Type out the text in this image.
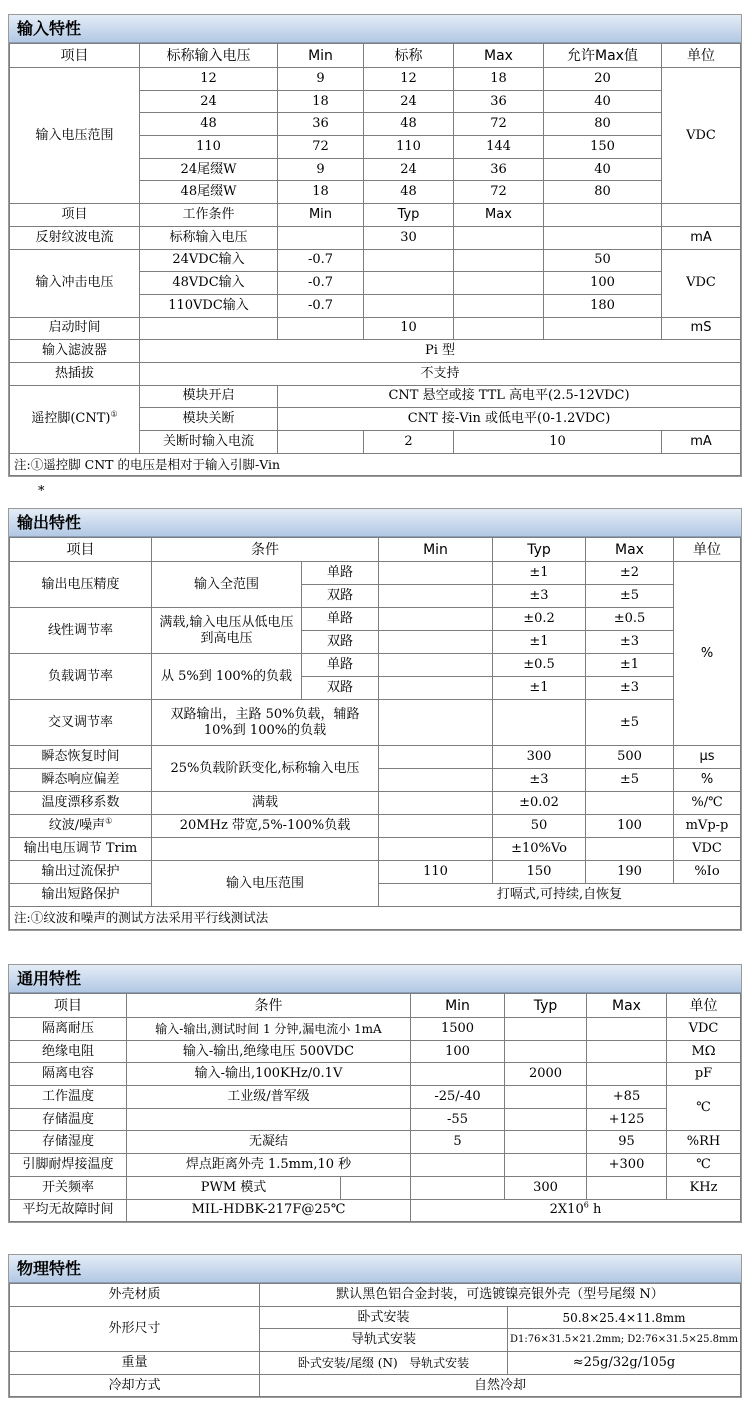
输入特性
项目	标称输入电压	Min	标称	Max	允许Max值	单位
输入电压范围	12	9	12	18	20	VDC
	24	18	24	36	40	
	48	36	48	72	80	
	110	72	110	144	150	
	24尾缀W	9	24	36	40	
	48尾缀W	18	48	72	80	
项目	工作条件	Min	Typ	Max		
反射纹波电流	标称输入电压		30			mA
输入冲击电压	24VDC输入	-0.7			50	VDC
	48VDC输入	-0.7			100	
	110VDC输入	-0.7			180	
启动时间			10			mS
输入滤波器	Pi 型					
热插拔	不支持					
遥控脚(CNT)①	模块开启	CNT 悬空或接 TTL 高电平(2.5-12VDC)				
	模块关断	CNT 接-Vin 或低电平(0-1.2VDC)				
	关断时输入电流		2	10		mA
注:①遥控脚 CNT 的电压是相对于输入引脚-Vin						
*
输出特性
项目	条件		Min	Typ	Max	单位
输出电压精度	输入全范围	单路		±1	±2	%
		双路		±3	±5	
线性调节率	满载,输入电压从低电压到高电压	单路		±0.2	±0.5	
		双路		±1	±3	
负载调节率	从 5%到 100%的负载	单路		±0.5	±1	
		双路		±1	±3	
交叉调节率	双路输出，主路 50%负载，辅路 10%到 100%的负载				±5	

瞬态恢复时间	25%负载阶跃变化,标称输入电压			300	500	μs
瞬态响应偏差				±3	±5	%
温度漂移系数	满载			±0.02		%/℃
纹波/噪声①	20MHz 带宽,5%-100%负载			50	100	mVp-p
输出电压调节 Trim				±10%Vo		VDC
输出过流保护	输入电压范围		110	150	190	%Io
输出短路保护			打嗝式,可持续,自恢复			
注:①纹波和噪声的测试方法采用平行线测试法						
通用特性
项目	条件		Min	Typ	Max	单位
隔离耐压	输入-输出,测试时间 1 分钟,漏电流小 1mA		1500			VDC
绝缘电阻	输入-输出,绝缘电压 500VDC		100			MΩ
隔离电容	输入-输出,100KHz/0.1V			2000		pF
工作温度	工业级/普军级		-25/-40		+85	℃
存储温度			-55		+125	
存储湿度	无凝结		5		95	%RH
引脚耐焊接温度	焊点距离外壳 1.5mm,10 秒				+300	℃
开关频率	PWM 模式			300		KHz
平均无故障时间	MIL-HDBK-217F@25℃		$2X10^6$ h			
物理特性
外壳材质	默认黑色铝合金封装，可选镀镍亮银外壳（型号尾缀 N）	
外形尺寸	卧式安装	50.8×25.4×11.8mm
	导轨式安装	D1:76×31.5×21.2mm; D2:76×31.5×25.8mm
重量	卧式安装/尾缀 (N)   导轨式安装	≈25g/32g/105g
冷却方式	自然冷却	
